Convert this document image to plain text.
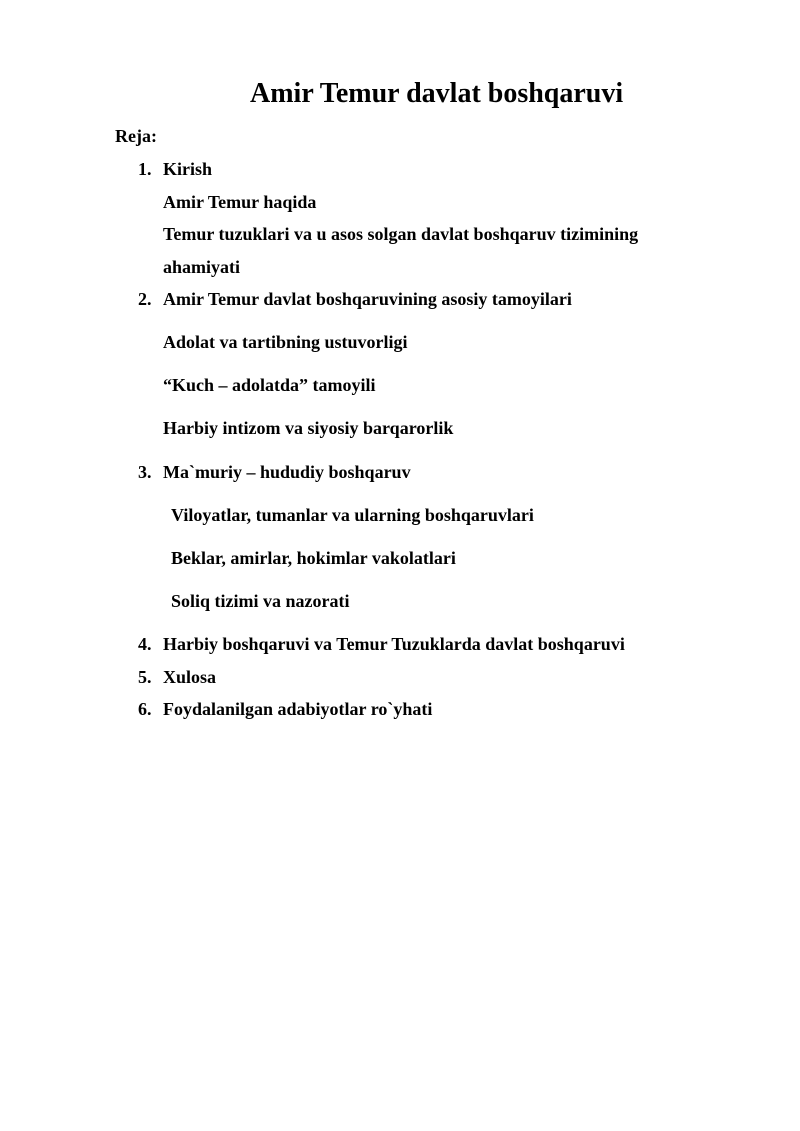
Amir Temur davlat boshqaruvi
Reja:
1. Kirish
Amir Temur haqida
Temur tuzuklari va u asos solgan davlat boshqaruv tizimining
ahamiyati
2. Amir Temur davlat boshqaruvining asosiy tamoyilari
Adolat va tartibning ustuvorligi
“Kuch – adolatda” tamoyili
Harbiy intizom va siyosiy barqarorlik
3. Ma`muriy – hududiy boshqaruv
Viloyatlar, tumanlar va ularning boshqaruvlari
Beklar, amirlar, hokimlar vakolatlari
Soliq tizimi va nazorati
4. Harbiy boshqaruvi va Temur Tuzuklarda davlat boshqaruvi
5. Xulosa
6. Foydalanilgan adabiyotlar ro`yhati
